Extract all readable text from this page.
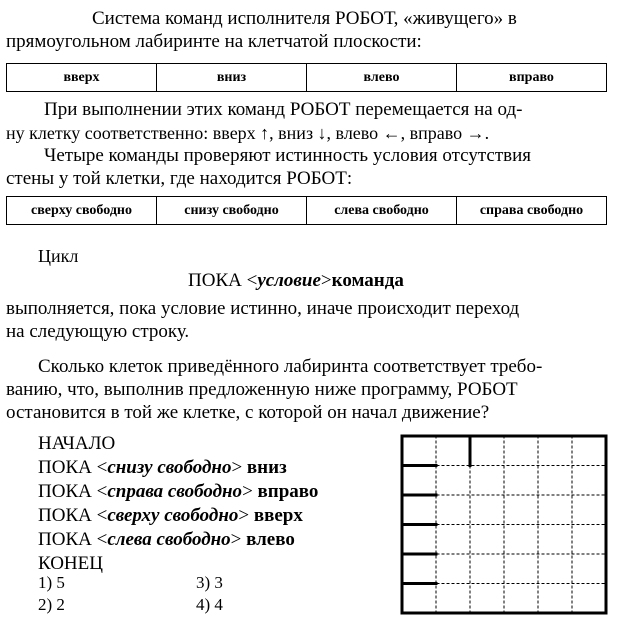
Система команд исполнителя РОБОТ, «живущего» в
прямоугольном лабиринте на клетчатой плоскости:
вверх	вниз	влево	вправо
При выполнении этих команд РОБОТ перемещается на од-
ну клетку соответственно: вверх ↑, вниз ↓, влево ←, вправо →.
Четыре команды проверяют истинность условия отсутствия
стены у той клетки, где находится РОБОТ:
сверху свободно	снизу свободно	слева свободно	справа свободно
Цикл
ПОКА <условие>команда
выполняется, пока условие истинно, иначе происходит переход
на следующую строку.
Сколько клеток приведённого лабиринта соответствует требо-
ванию, что, выполнив предложенную ниже программу, РОБОТ
остановится в той же клетке, с которой он начал движение?
НАЧАЛО
ПОКА <снизу свободно> вниз
ПОКА <справа свободно> вправо
ПОКА <сверху свободно> вверх
ПОКА <слева свободно> влево
КОНЕЦ
1) 5
2) 2
3) 3
4) 4
